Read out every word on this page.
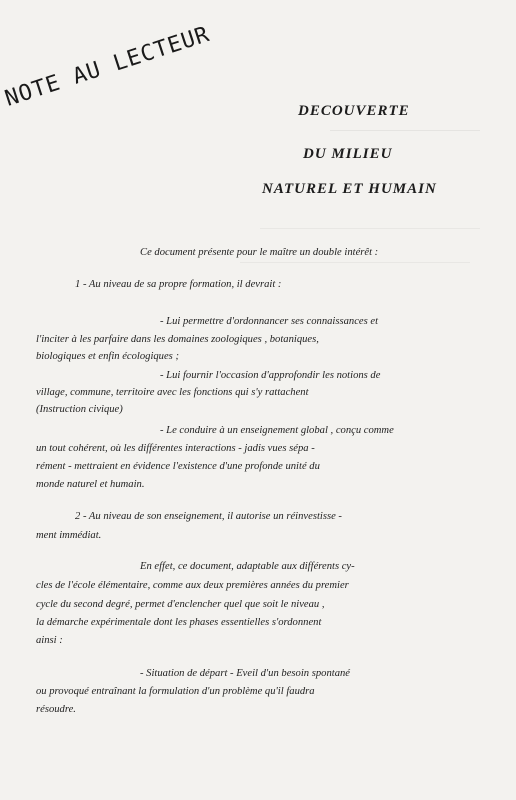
NOTE AU LECTEUR	DECOUVERTE
DU MILIEU
NATUREL ET HUMAIN
Ce document présente pour le maître un double intérêt :
1 - Au niveau de sa propre formation, il devrait :
- Lui permettre d'ordonnancer ses connaissances et
l'inciter à les parfaire dans les domaines zoologiques , botaniques,
biologiques et enfin écologiques ;
- Lui fournir l'occasion d'approfondir les notions de
village, commune, territoire avec les fonctions qui s'y rattachent
(Instruction civique)
- Le conduire à un enseignement global , conçu comme
un tout cohérent, où les différentes interactions - jadis vues sépa -
rément - mettraient en évidence l'existence d'une profonde unité du
monde naturel et humain.
2 - Au niveau de son enseignement, il autorise un réinvestisse -
ment immédiat.
En effet, ce document, adaptable aux différents cy-
cles de l'école élémentaire, comme aux deux premières années du premier
cycle du second degré, permet d'enclencher quel que soit le niveau ,
la démarche expérimentale dont les phases essentielles s'ordonnent
ainsi :
- Situation de départ - Eveil d'un besoin spontané
ou provoqué entraînant la formulation d'un problème qu'il faudra
résoudre.
